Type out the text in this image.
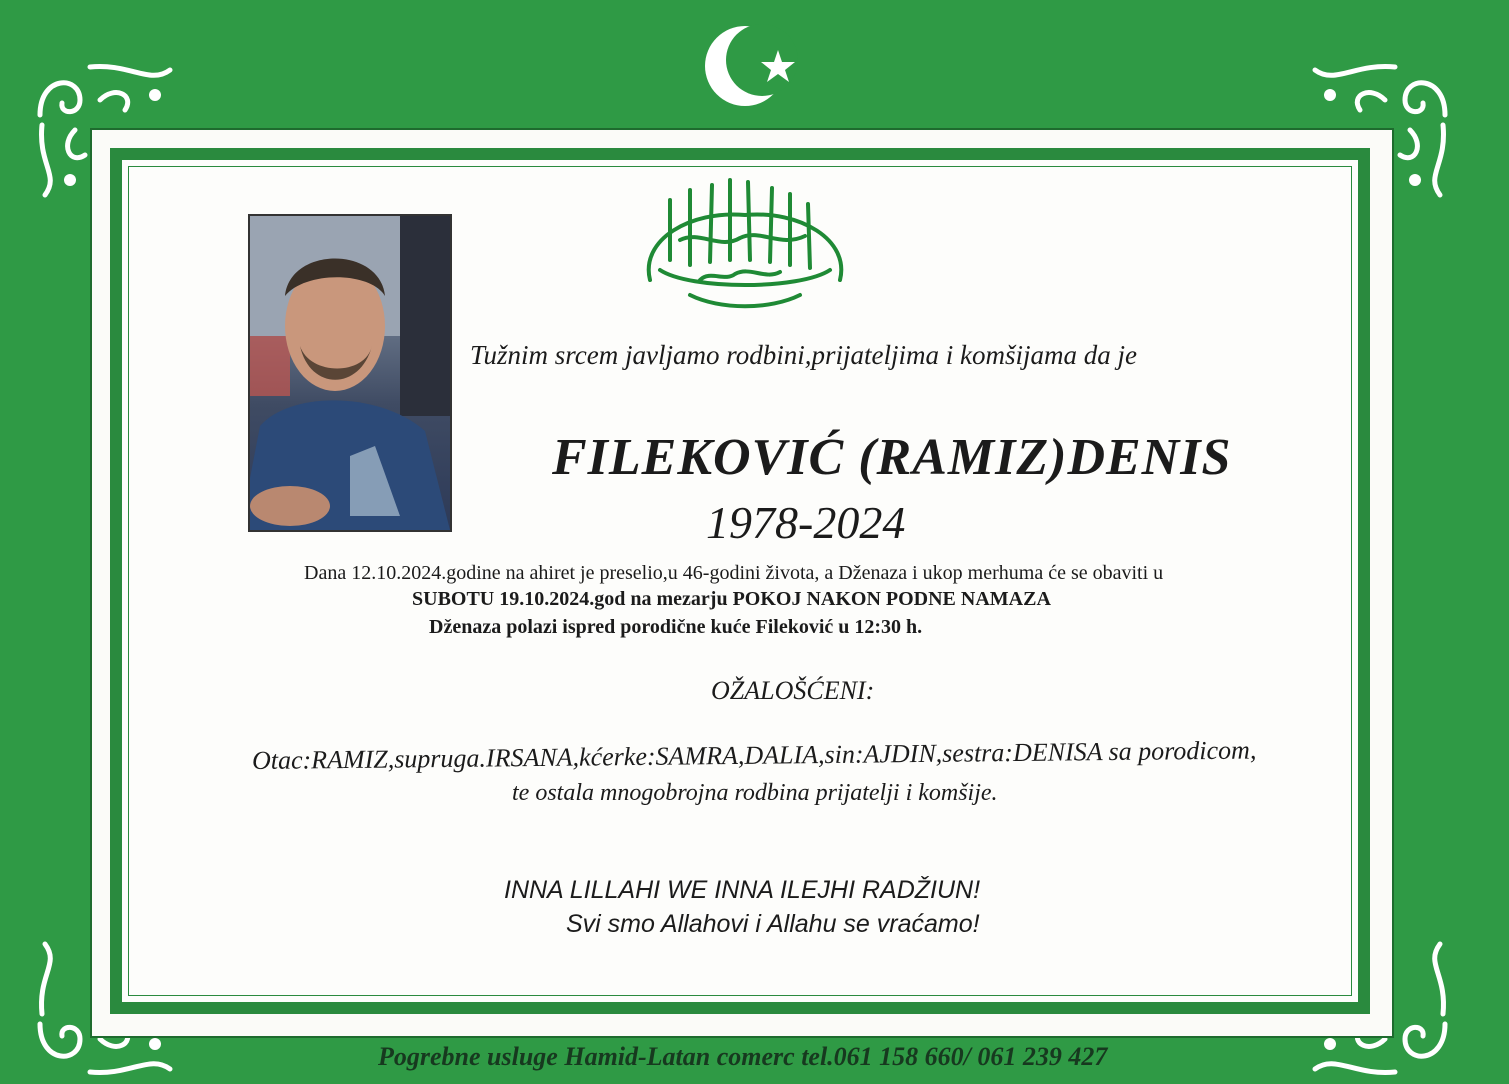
Tužnim srcem javljamo rodbini,prijateljima i komšijama da je
FILEKOVIĆ (RAMIZ)DENIS
1978-2024
Dana 12.10.2024.godine na ahiret je preselio,u 46-godini života, a Dženaza i ukop merhuma će se obaviti u
SUBOTU 19.10.2024.god na mezarju POKOJ NAKON PODNE NAMAZA
Dženaza polazi ispred porodične kuće Fileković u 12:30 h.
OŽALOŠĆENI:
Otac:RAMIZ,supruga.IRSANA,kćerke:SAMRA,DALIA,sin:AJDIN,sestra:DENISA sa porodicom,
te ostala mnogobrojna rodbina prijatelji i komšije.
INNA LILLAHI WE INNA ILEJHI RADŽIUN!
Svi smo Allahovi i Allahu se vraćamo!
Pogrebne usluge Hamid-Latan comerc tel.061 158 660/ 061 239 427
